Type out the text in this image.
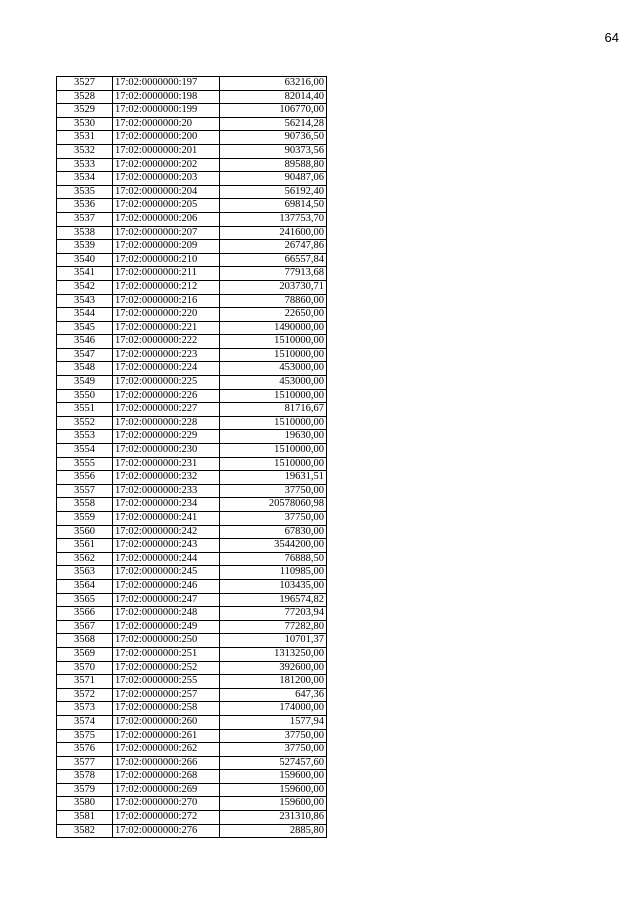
64
3527	17:02:0000000:197	63216,00
3528	17:02:0000000:198	82014,40
3529	17:02:0000000:199	106770,00
3530	17:02:0000000:20	56214,28
3531	17:02:0000000:200	90736,50
3532	17:02:0000000:201	90373,56
3533	17:02:0000000:202	89588,80
3534	17:02:0000000:203	90487,06
3535	17:02:0000000:204	56192,40
3536	17:02:0000000:205	69814,50
3537	17:02:0000000:206	137753,70
3538	17:02:0000000:207	241600,00
3539	17:02:0000000:209	26747,86
3540	17:02:0000000:210	66557,84
3541	17:02:0000000:211	77913,68
3542	17:02:0000000:212	203730,71
3543	17:02:0000000:216	78860,00
3544	17:02:0000000:220	22650,00
3545	17:02:0000000:221	1490000,00
3546	17:02:0000000:222	1510000,00
3547	17:02:0000000:223	1510000,00
3548	17:02:0000000:224	453000,00
3549	17:02:0000000:225	453000,00
3550	17:02:0000000:226	1510000,00
3551	17:02:0000000:227	81716,67
3552	17:02:0000000:228	1510000,00
3553	17:02:0000000:229	19630,00
3554	17:02:0000000:230	1510000,00
3555	17:02:0000000:231	1510000,00
3556	17:02:0000000:232	19631,51
3557	17:02:0000000:233	37750,00
3558	17:02:0000000:234	20578060,98
3559	17:02:0000000:241	37750,00
3560	17:02:0000000:242	67830,00
3561	17:02:0000000:243	3544200,00
3562	17:02:0000000:244	76888,50
3563	17:02:0000000:245	110985,00
3564	17:02:0000000:246	103435,00
3565	17:02:0000000:247	196574,82
3566	17:02:0000000:248	77203,94
3567	17:02:0000000:249	77282,80
3568	17:02:0000000:250	10701,37
3569	17:02:0000000:251	1313250,00
3570	17:02:0000000:252	392600,00
3571	17:02:0000000:255	181200,00
3572	17:02:0000000:257	647,36
3573	17:02:0000000:258	174000,00
3574	17:02:0000000:260	1577,94
3575	17:02:0000000:261	37750,00
3576	17:02:0000000:262	37750,00
3577	17:02:0000000:266	527457,60
3578	17:02:0000000:268	159600,00
3579	17:02:0000000:269	159600,00
3580	17:02:0000000:270	159600,00
3581	17:02:0000000:272	231310,86
3582	17:02:0000000:276	2885,80
